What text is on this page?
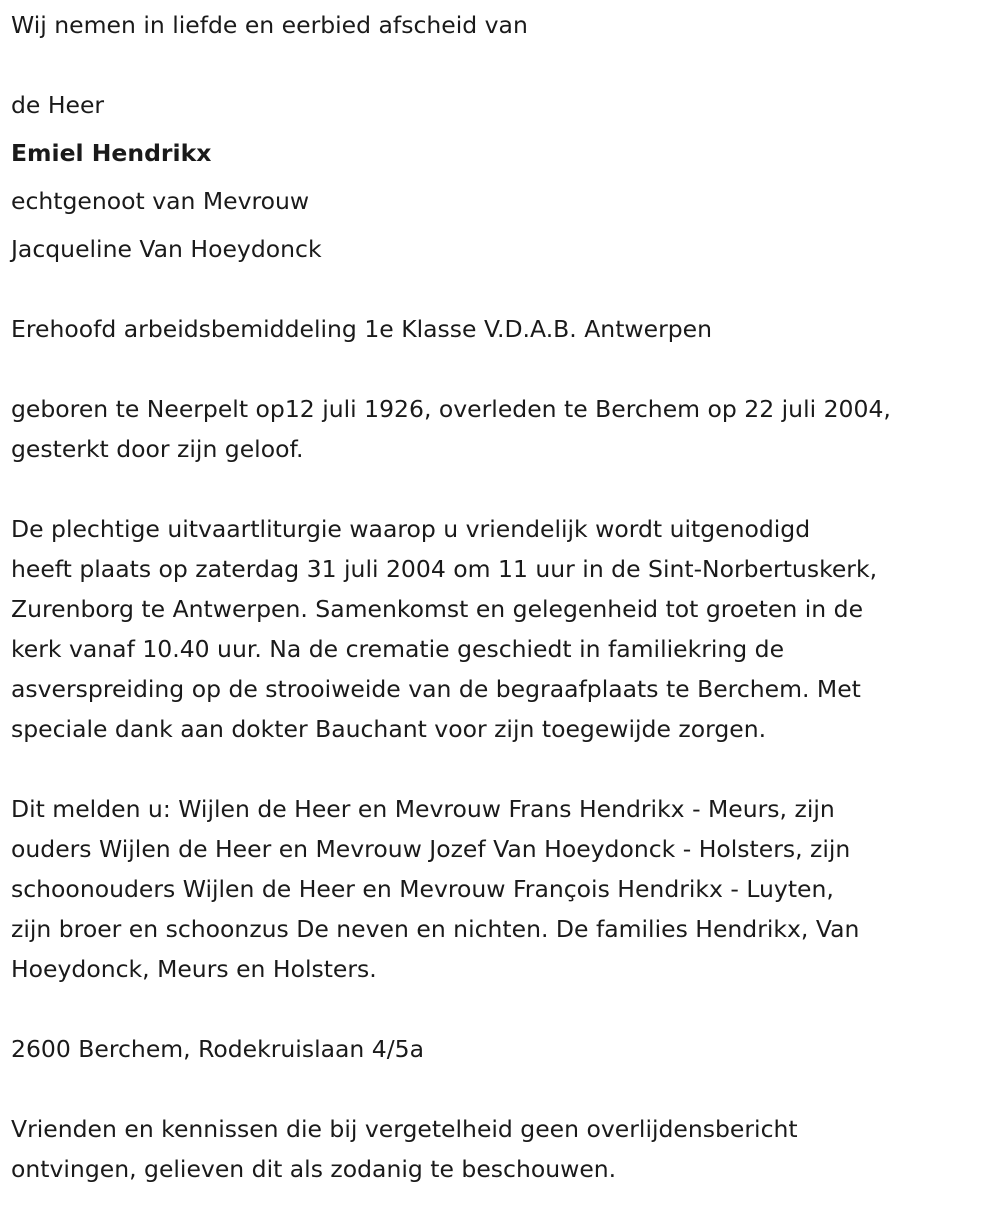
Wij nemen in liefde en eerbied afscheid van
de Heer
Emiel Hendrikx
echtgenoot van Mevrouw
Jacqueline Van Hoeydonck
Erehoofd arbeidsbemiddeling 1e Klasse V.D.A.B. Antwerpen
geboren te Neerpelt op12 juli 1926, overleden te Berchem op 22 juli 2004,
gesterkt door zijn geloof.
De plechtige uitvaartliturgie waarop u vriendelijk wordt uitgenodigd
heeft plaats op zaterdag 31 juli 2004 om 11 uur in de Sint-Norbertuskerk,
Zurenborg te Antwerpen. Samenkomst en gelegenheid tot groeten in de
kerk vanaf 10.40 uur. Na de crematie geschiedt in familiekring de
asverspreiding op de strooiweide van de begraafplaats te Berchem. Met
speciale dank aan dokter Bauchant voor zijn toegewijde zorgen.
Dit melden u: Wijlen de Heer en Mevrouw Frans Hendrikx - Meurs, zijn
ouders Wijlen de Heer en Mevrouw Jozef Van Hoeydonck - Holsters, zijn
schoonouders Wijlen de Heer en Mevrouw François Hendrikx - Luyten,
zijn broer en schoonzus De neven en nichten. De families Hendrikx, Van
Hoeydonck, Meurs en Holsters.
2600 Berchem, Rodekruislaan 4/5a
Vrienden en kennissen die bij vergetelheid geen overlijdensbericht
ontvingen, gelieven dit als zodanig te beschouwen.
